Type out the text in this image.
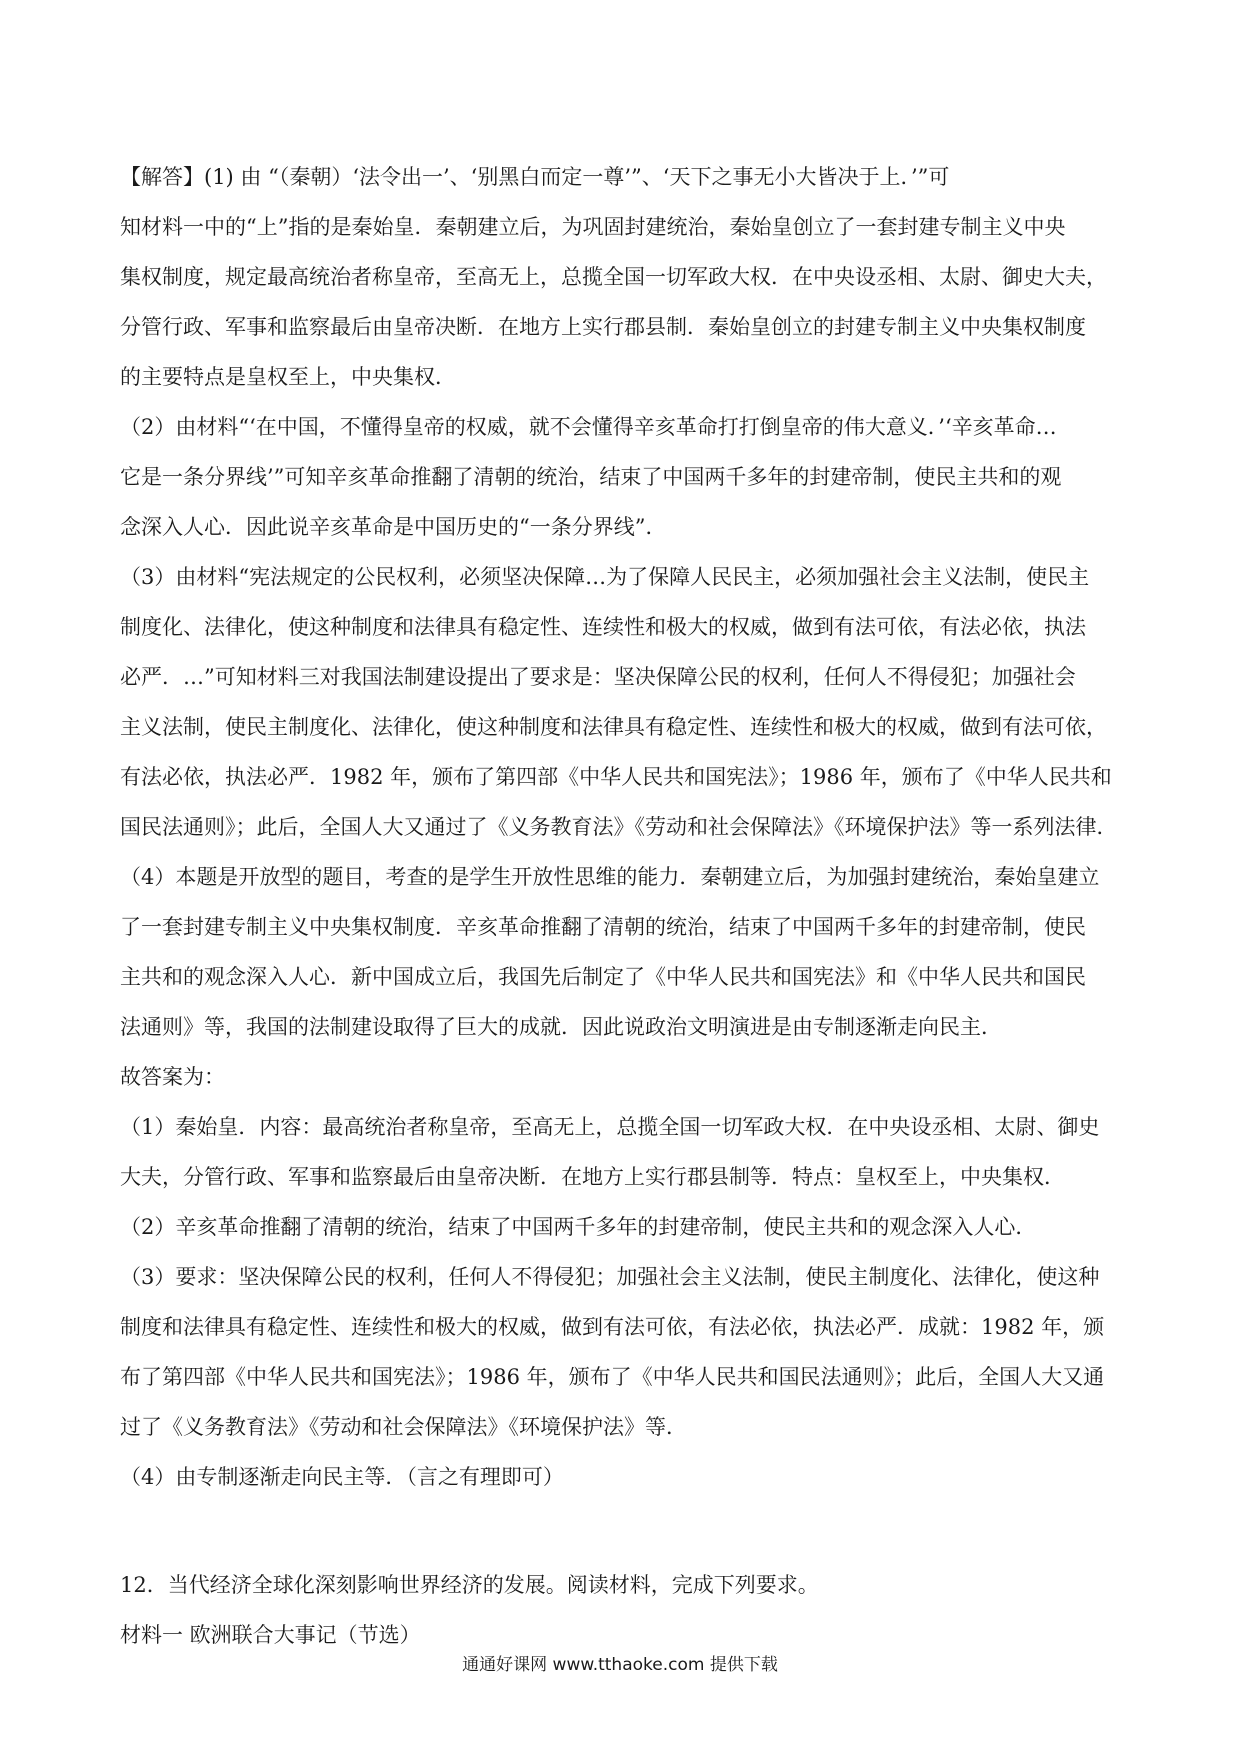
【解答】(1) 由 “（秦朝）‘法令出一’、‘别黑白而定一尊’”、‘天下之事无小大皆决于上．’”可
知材料一中的“上”指的是秦始皇．秦朝建立后，为巩固封建统治，秦始皇创立了一套封建专制主义中央
集权制度，规定最高统治者称皇帝，至高无上，总揽全国一切军政大权．在中央设丞相、太尉、御史大夫，
分管行政、军事和监察最后由皇帝决断．在地方上实行郡县制．秦始皇创立的封建专制主义中央集权制度
的主要特点是皇权至上，中央集权．
（2）由材料“‘在中国，不懂得皇帝的权威，就不会懂得辛亥革命打打倒皇帝的伟大意义．’‘辛亥革命…
它是一条分界线’”可知辛亥革命推翻了清朝的统治，结束了中国两千多年的封建帝制，使民主共和的观
念深入人心．因此说辛亥革命是中国历史的“一条分界线”．
（3）由材料“宪法规定的公民权利，必须坚决保障…为了保障人民民主，必须加强社会主义法制，使民主
制度化、法律化，使这种制度和法律具有稳定性、连续性和极大的权威，做到有法可依，有法必依，执法
必严．…”可知材料三对我国法制建设提出了要求是：坚决保障公民的权利，任何人不得侵犯；加强社会
主义法制，使民主制度化、法律化，使这种制度和法律具有稳定性、连续性和极大的权威，做到有法可依，
有法必依，执法必严．1982 年，颁布了第四部《中华人民共和国宪法》；1986 年，颁布了《中华人民共和
国民法通则》；此后，全国人大又通过了《义务教育法》《劳动和社会保障法》《环境保护法》等一系列法律．
（4）本题是开放型的题目，考查的是学生开放性思维的能力．秦朝建立后，为加强封建统治，秦始皇建立
了一套封建专制主义中央集权制度．辛亥革命推翻了清朝的统治，结束了中国两千多年的封建帝制，使民
主共和的观念深入人心．新中国成立后，我国先后制定了《中华人民共和国宪法》和《中华人民共和国民
法通则》等，我国的法制建设取得了巨大的成就．因此说政治文明演进是由专制逐渐走向民主．
故答案为：
（1）秦始皇．内容：最高统治者称皇帝，至高无上，总揽全国一切军政大权．在中央设丞相、太尉、御史
大夫，分管行政、军事和监察最后由皇帝决断．在地方上实行郡县制等．特点：皇权至上，中央集权．
（2）辛亥革命推翻了清朝的统治，结束了中国两千多年的封建帝制，使民主共和的观念深入人心．
（3）要求：坚决保障公民的权利，任何人不得侵犯；加强社会主义法制，使民主制度化、法律化，使这种
制度和法律具有稳定性、连续性和极大的权威，做到有法可依，有法必依，执法必严．成就：1982 年，颁
布了第四部《中华人民共和国宪法》；1986 年，颁布了《中华人民共和国民法通则》；此后，全国人大又通
过了《义务教育法》《劳动和社会保障法》《环境保护法》等．
（4）由专制逐渐走向民主等．（言之有理即可）
12．当代经济全球化深刻影响世界经济的发展。阅读材料，完成下列要求。
材料一 欧洲联合大事记（节选）
通通好课网 www.tthaoke.com 提供下载
